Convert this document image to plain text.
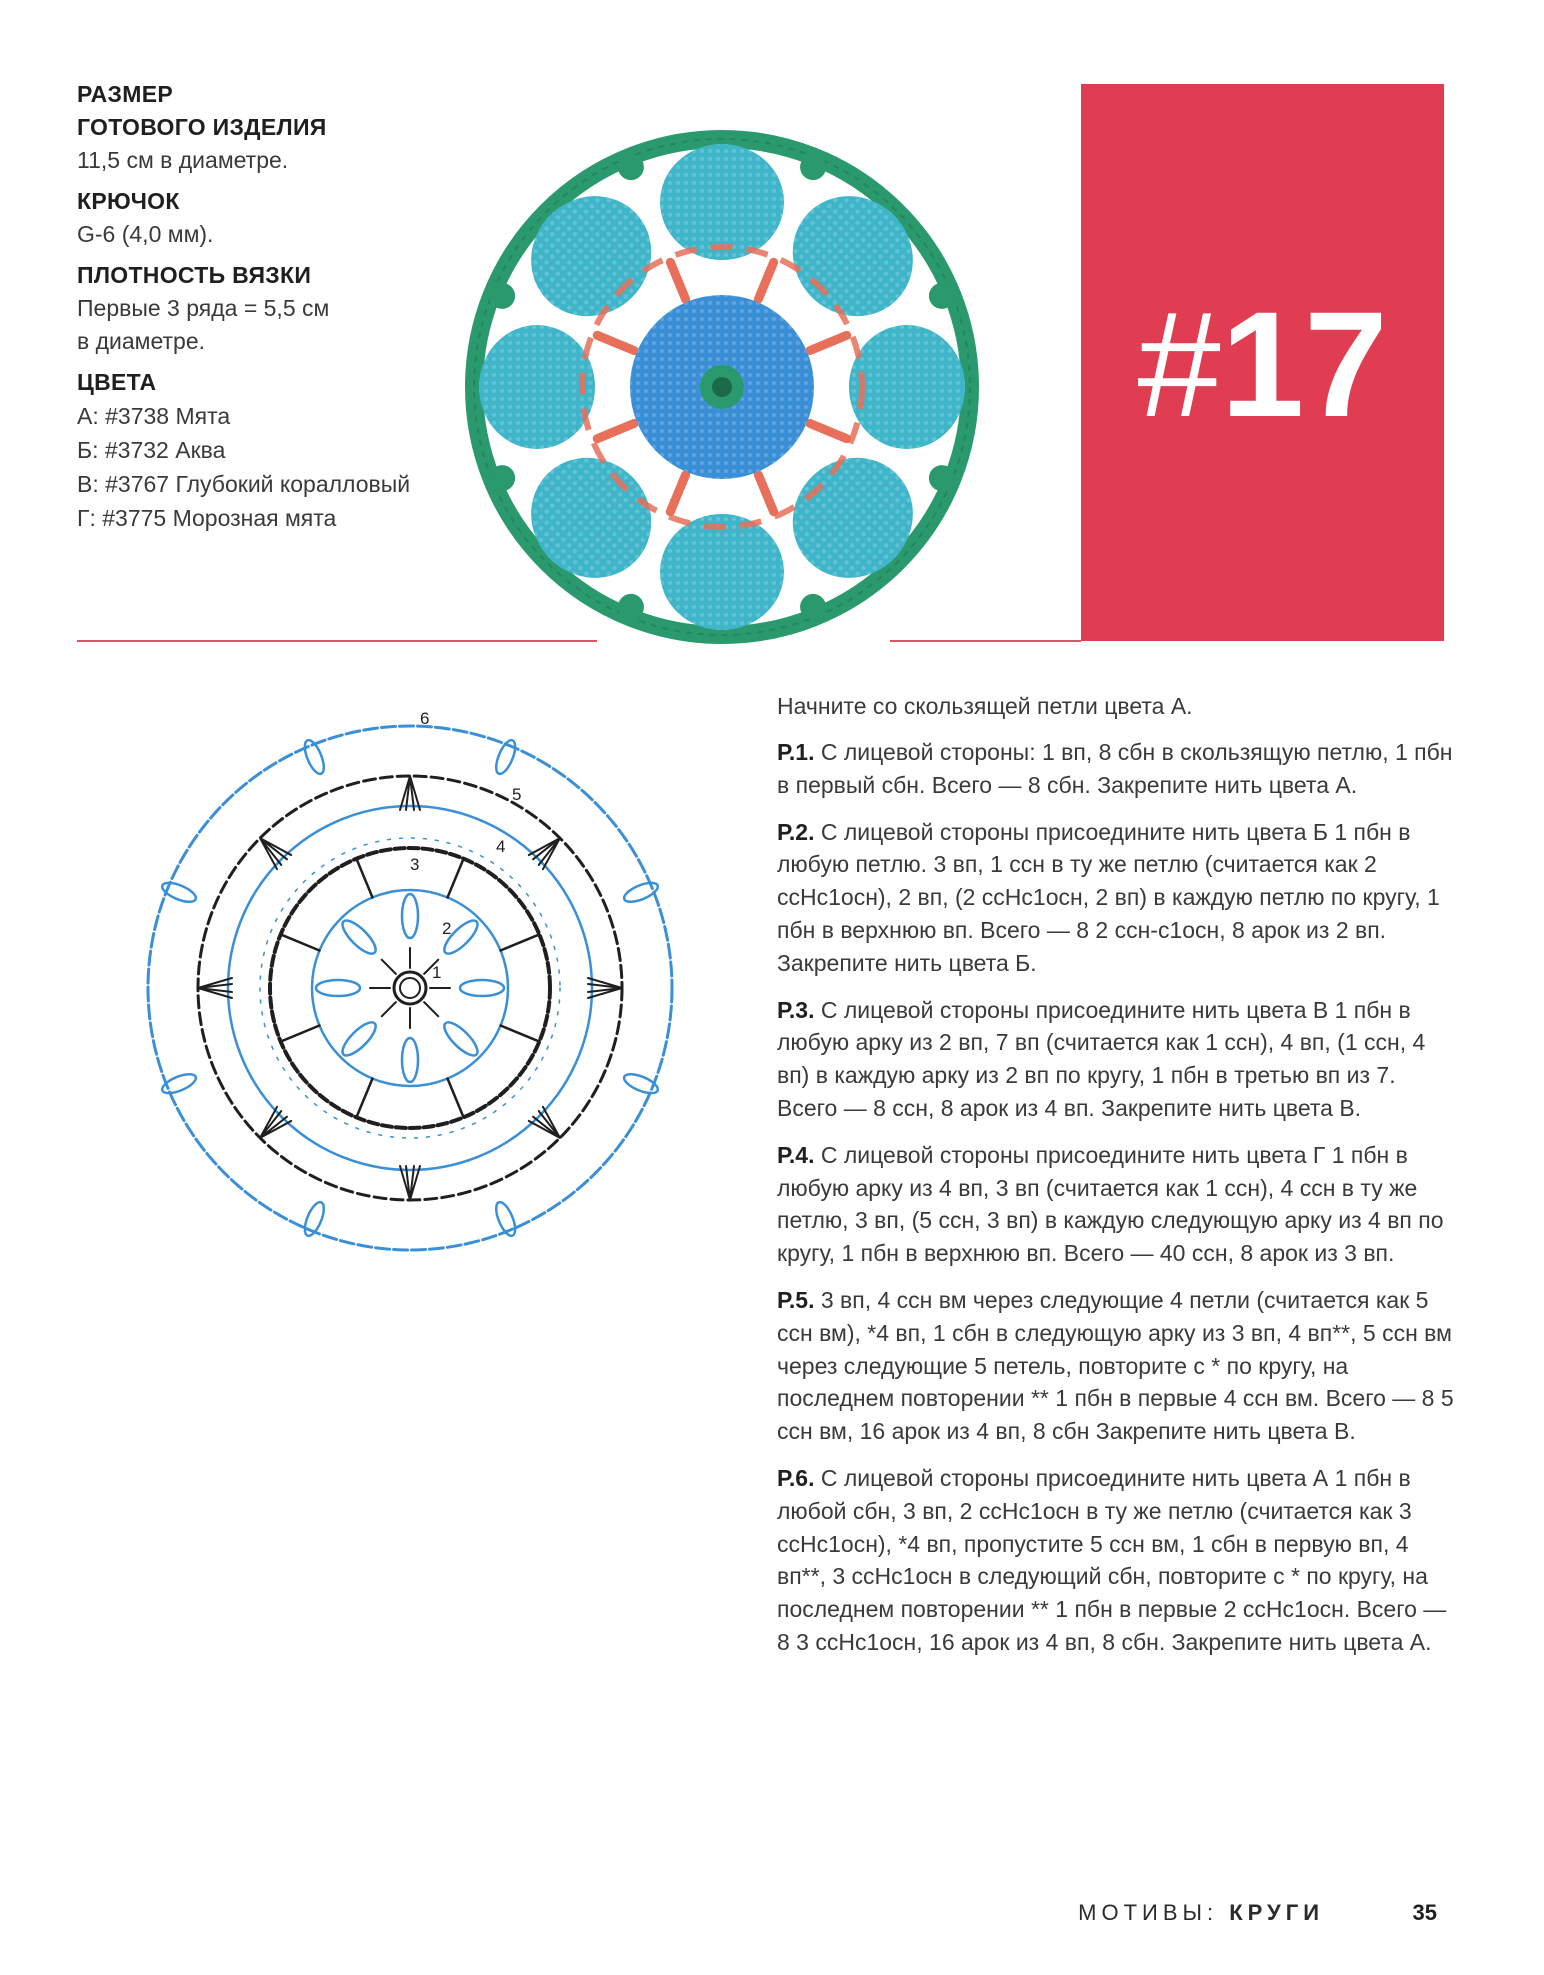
РАЗМЕР
ГОТОВОГО ИЗДЕЛИЯ
11,5 см в диаметре.
КРЮЧОК
G-6 (4,0 мм).
ПЛОТНОСТЬ ВЯЗКИ
Первые 3 ряда = 5,5 см
в диаметре.
ЦВЕТА
А: #3738 Мята
Б: #3732 Аква
В: #3767 Глубокий коралловый
Г: #3775 Морозная мята
#17
1
2
3
4
5
6	Начните со скользящей петли цвета А.

Р.1. С лицевой стороны: 1 вп, 8 сбн в скользящую петлю, 1 пбн в первый сбн. Всего — 8 сбн. Закрепите нить цвета А.

Р.2. С лицевой стороны присоедините нить цвета Б 1 пбн в любую петлю. 3 вп, 1 ссн в ту же петлю (считается как 2 ссНс1осн), 2 вп, (2 ссНс1осн, 2 вп) в каждую петлю по кругу, 1 пбн в верхнюю вп. Всего — 8 2 ссн-с1осн, 8 арок из 2 вп. Закрепите нить цвета Б.

Р.3. С лицевой стороны присоедините нить цвета В 1 пбн в любую арку из 2 вп, 7 вп (считается как 1 ссн), 4 вп, (1 ссн, 4 вп) в каждую арку из 2 вп по кругу, 1 пбн в третью вп из 7. Всего — 8 ссн, 8 арок из 4 вп. Закрепите нить цвета В.

Р.4. С лицевой стороны присоедините нить цвета Г 1 пбн в любую арку из 4 вп, 3 вп (считается как 1 ссн), 4 ссн в ту же петлю, 3 вп, (5 ссн, 3 вп) в каждую следующую арку из 4 вп по кругу, 1 пбн в верхнюю вп. Всего — 40 ссн, 8 арок из 3 вп.

Р.5. 3 вп, 4 ссн вм через следующие 4 петли (считается как 5 ссн вм), *4 вп, 1 сбн в следующую арку из 3 вп, 4 вп**, 5 ссн вм через следующие 5 петель, повторите с * по кругу, на последнем повторении ** 1 пбн в первые 4 ссн вм. Всего — 8 5 ссн вм, 16 арок из 4 вп, 8 сбн Закрепите нить цвета В.

Р.6. С лицевой стороны присоедините нить цвета А 1 пбн в любой сбн, 3 вп, 2 ссНс1осн в ту же петлю (считается как 3 ссНс1осн), *4 вп, пропустите 5 ссн вм, 1 сбн в первую вп, 4 вп**, 3 ссНс1осн в следующий сбн, повторите с * по кругу, на последнем повторении ** 1 пбн в первые 2 ссНс1осн. Всего — 8 3 ссНс1осн, 16 арок из 4 вп, 8 сбн. Закрепите нить цвета А.

МОТИВЫ: КРУГИ	35
